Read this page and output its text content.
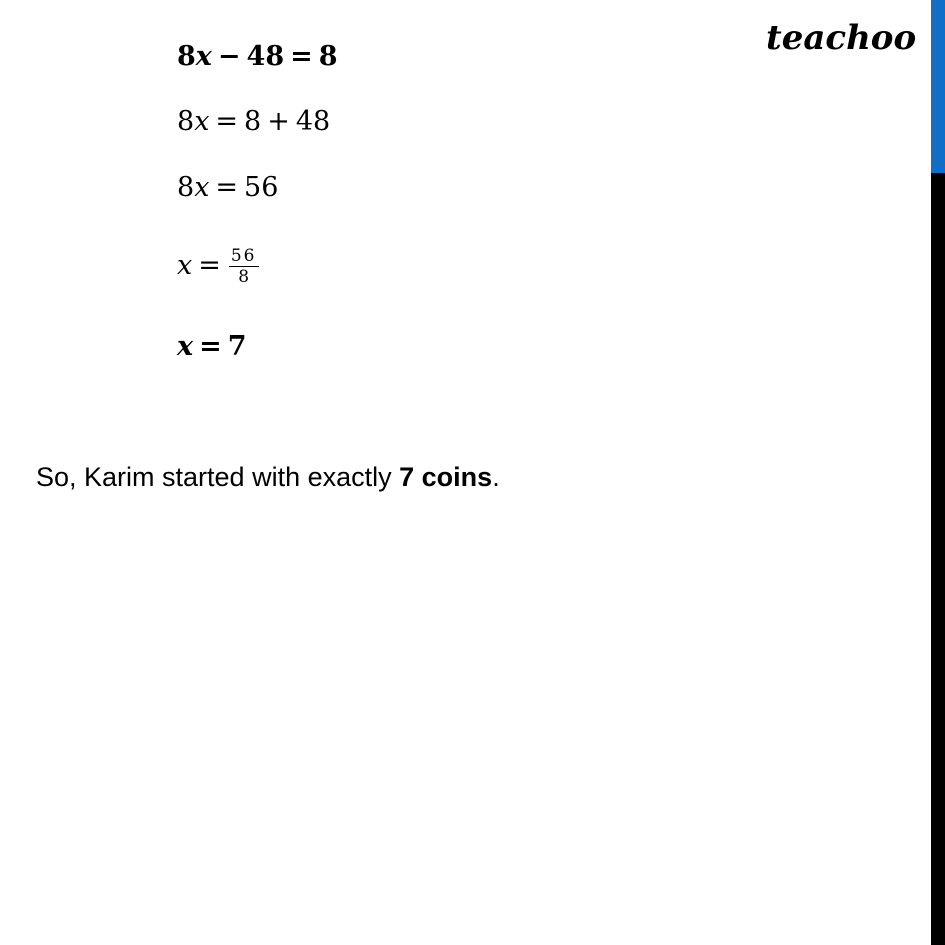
teachoo
8x − 48 = 8
8x = 8 + 48
8x = 56
$x = \frac{56}{8}$
x = 7
So, Karim started with exactly 7 coins.
